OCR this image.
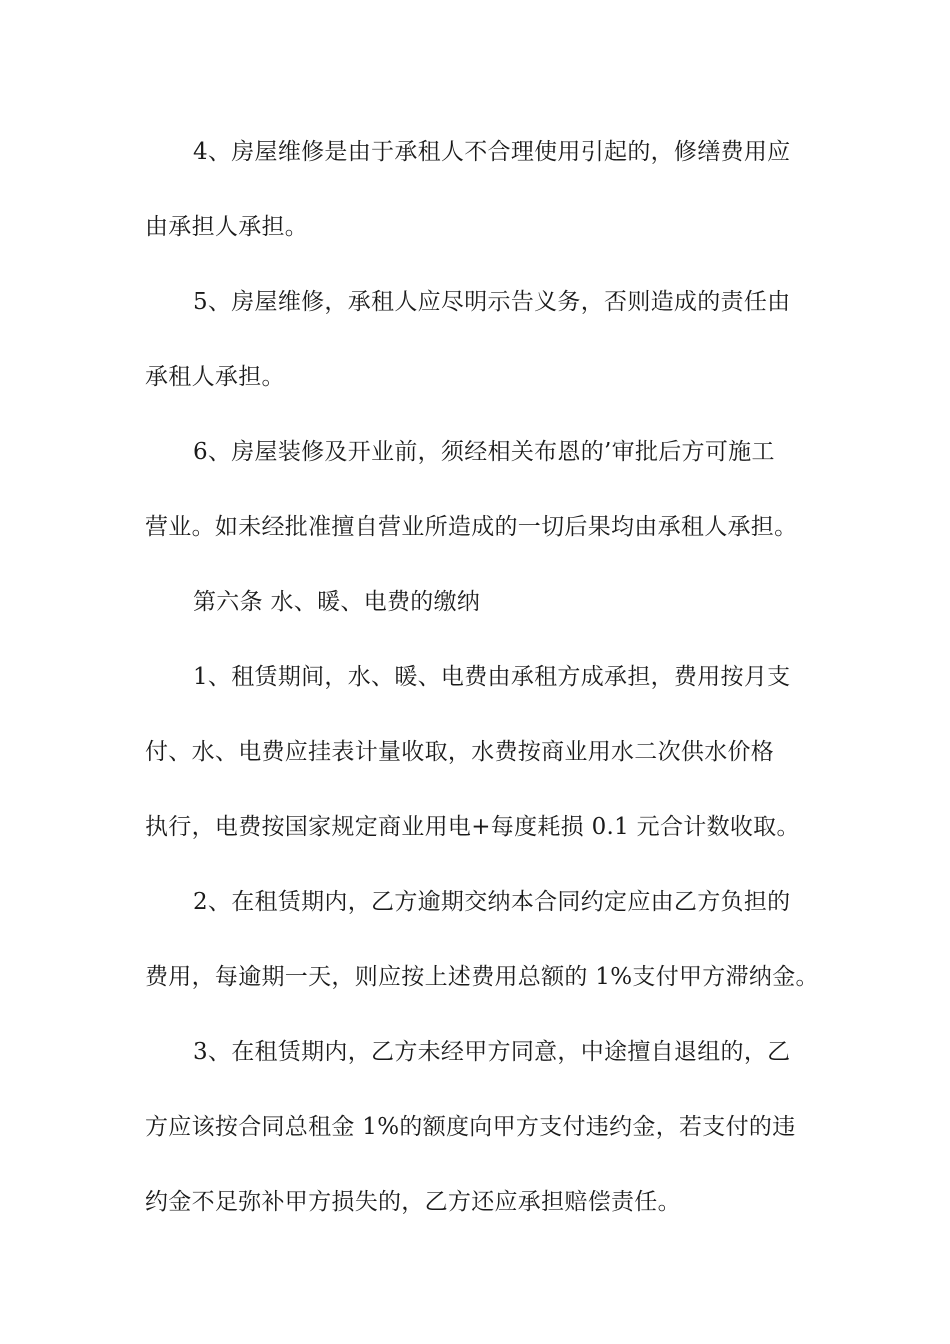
4、房屋维修是由于承租人不合理使用引起的，修缮费用应
由承担人承担。
5、房屋维修，承租人应尽明示告义务，否则造成的责任由
承租人承担。
6、房屋装修及开业前，须经相关布恩的’审批后方可施工
营业。如未经批准擅自营业所造成的一切后果均由承租人承担。
第六条 水、暖、电费的缴纳
1、租赁期间，水、暖、电费由承租方成承担，费用按月支
付、水、电费应挂表计量收取，水费按商业用水二次供水价格
执行，电费按国家规定商业用电+每度耗损 0.1 元合计数收取。
2、在租赁期内，乙方逾期交纳本合同约定应由乙方负担的
费用，每逾期一天，则应按上述费用总额的 1%支付甲方滞纳金。
3、在租赁期内，乙方未经甲方同意，中途擅自退组的，乙
方应该按合同总租金 1%的额度向甲方支付违约金，若支付的违
约金不足弥补甲方损失的，乙方还应承担赔偿责任。
